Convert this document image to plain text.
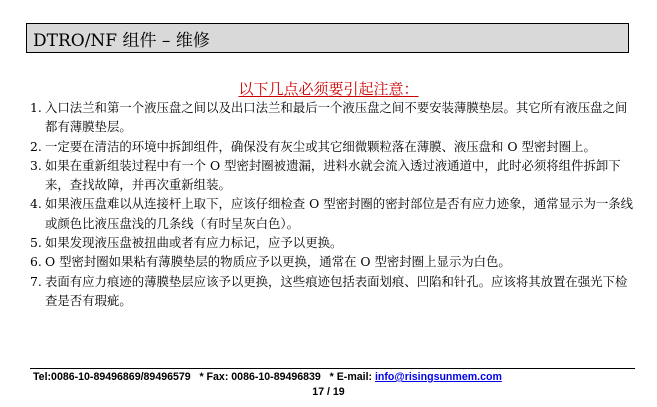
DTRO/NF 组件 – 维修
以下几点必须要引起注意：
1. 入口法兰和第一个液压盘之间以及出口法兰和最后一个液压盘之间不要安装薄膜垫层。其它所有液压盘之间都有薄膜垫层。
2. 一定要在清洁的环境中拆卸组件，确保没有灰尘或其它细微颗粒落在薄膜、液压盘和 O 型密封圈上。
3. 如果在重新组装过程中有一个 O 型密封圈被遗漏，进料水就会流入透过液通道中，此时必须将组件拆卸下来，查找故障，并再次重新组装。
4. 如果液压盘难以从连接杆上取下，应该仔细检查 O 型密封圈的密封部位是否有应力迹象，通常显示为一条线或颜色比液压盘浅的几条线（有时呈灰白色）。
5. 如果发现液压盘被扭曲或者有应力标记，应予以更换。
6. O 型密封圈如果粘有薄膜垫层的物质应予以更换，通常在 O 型密封圈上显示为白色。
7. 表面有应力痕迹的薄膜垫层应该予以更换，这些痕迹包括表面划痕、凹陷和针孔。应该将其放置在强光下检查是否有瑕疵。
Tel:0086-10-89496869/89496579   * Fax: 0086-10-89496839   * E-mail: info@risingsunmem.com
17 / 19
